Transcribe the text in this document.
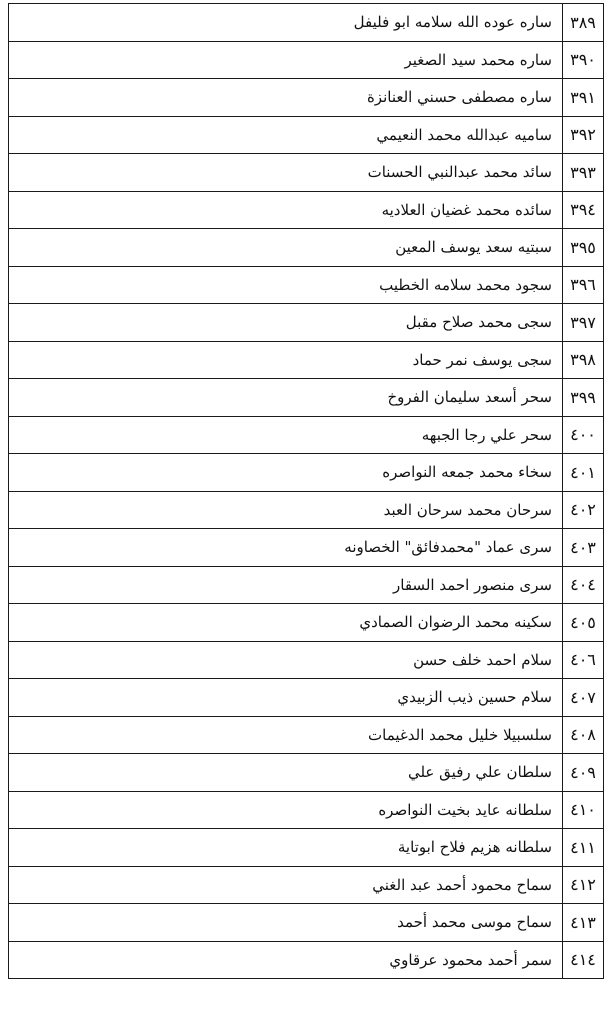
٣٨٩	ساره عوده الله سلامه ابو فليفل
٣٩٠	ساره محمد سيد الصغير
٣٩١	ساره مصطفى حسني العنانزة
٣٩٢	ساميه عبدالله محمد النعيمي
٣٩٣	سائد محمد عبدالنبي الحسنات
٣٩٤	سائده محمد غضيان العلاديه
٣٩٥	سبتيه سعد يوسف المعين
٣٩٦	سجود محمد سلامه الخطيب
٣٩٧	سجى محمد صلاح مقبل
٣٩٨	سجى يوسف نمر حماد
٣٩٩	سحر أسعد سليمان الفروخ
٤٠٠	سحر علي رجا الجبهه
٤٠١	سخاء محمد جمعه النواصره
٤٠٢	سرحان محمد سرحان العبد
٤٠٣	سرى عماد "محمدفائق" الخصاونه
٤٠٤	سرى منصور احمد السقار
٤٠٥	سكينه محمد الرضوان الصمادي
٤٠٦	سلام احمد خلف حسن
٤٠٧	سلام حسين ذيب الزبيدي
٤٠٨	سلسبيلا خليل محمد الدغيمات
٤٠٩	سلطان علي رفيق علي
٤١٠	سلطانه عايد بخيت النواصره
٤١١	سلطانه هزيم فلاح ابوتاية
٤١٢	سماح محمود أحمد عبد الغني
٤١٣	سماح موسى محمد أحمد
٤١٤	سمر أحمد محمود عرقاوي
